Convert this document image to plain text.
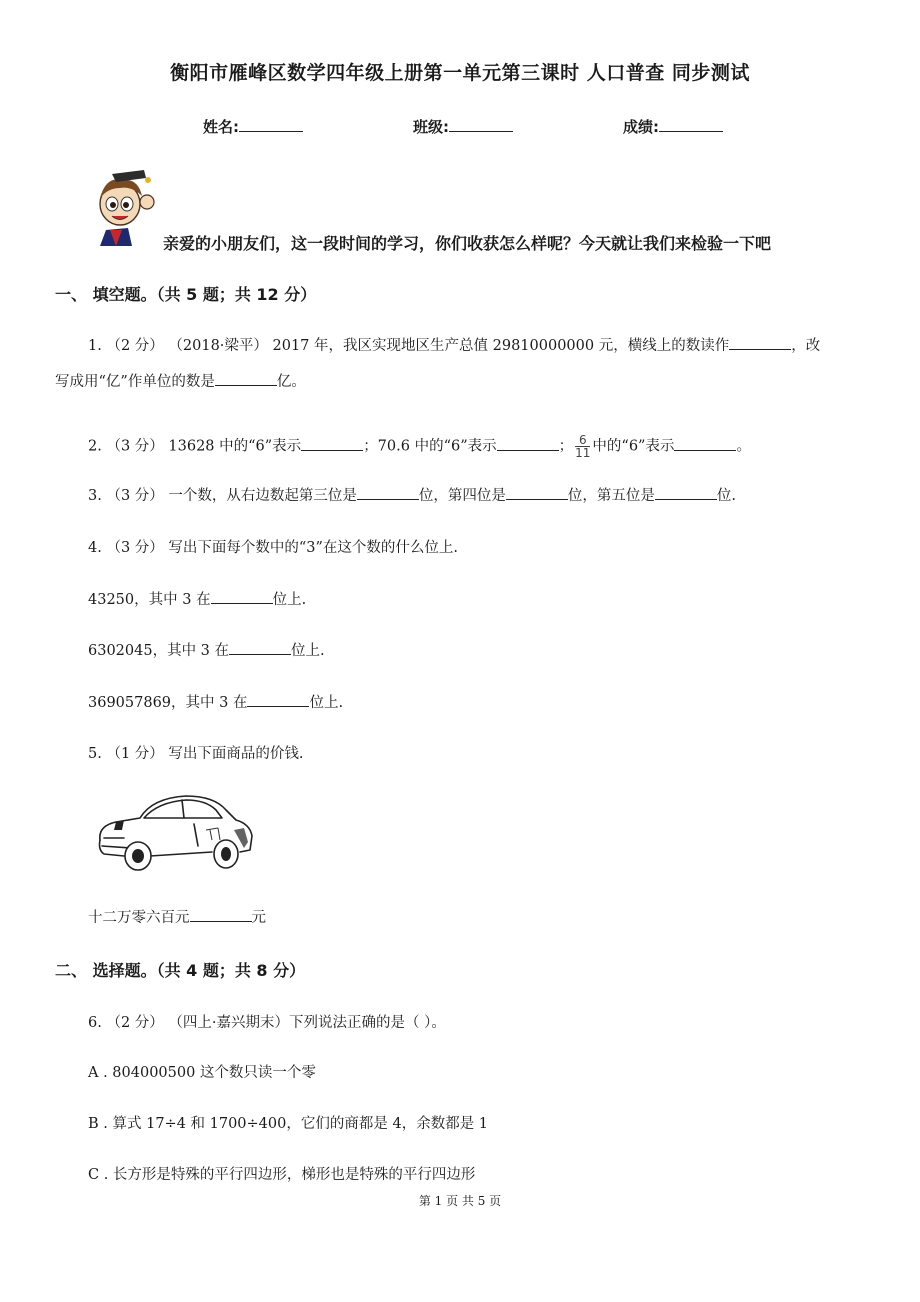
衡阳市雁峰区数学四年级上册第一单元第三课时 人口普查 同步测试
姓名:	班级:	成绩:
亲爱的小朋友们，这一段时间的学习，你们收获怎么样呢？今天就让我们来检验一下吧
一、 填空题。（共 5 题；共 12 分）
1. （2 分） （2018·梁平） 2017 年，我区实现地区生产总值 29810000000 元，横线上的数读作	，改
写成用“亿”作单位的数是	亿。
2. （3 分） 13628 中的“6”表示	；70.6 中的“6”表示	； $\frac{6}{11}$ 中的“6”表示	。
3. （3 分） 一个数，从右边数起第三位是	位，第四位是	位，第五位是	位.
4. （3 分） 写出下面每个数中的“3”在这个数的什么位上.
43250，其中 3 在	位上.
6302045，其中 3 在	位上.
369057869，其中 3 在	位上.
5. （1 分） 写出下面商品的价钱.
十二万零六百元	元
二、 选择题。（共 4 题；共 8 分）
6. （2 分） （四上·嘉兴期末）下列说法正确的是（ ）。
A . 804000500 这个数只读一个零
B . 算式 17÷4 和 1700÷400，它们的商都是 4，余数都是 1
C . 长方形是特殊的平行四边形，梯形也是特殊的平行四边形
第 1 页 共 5 页
